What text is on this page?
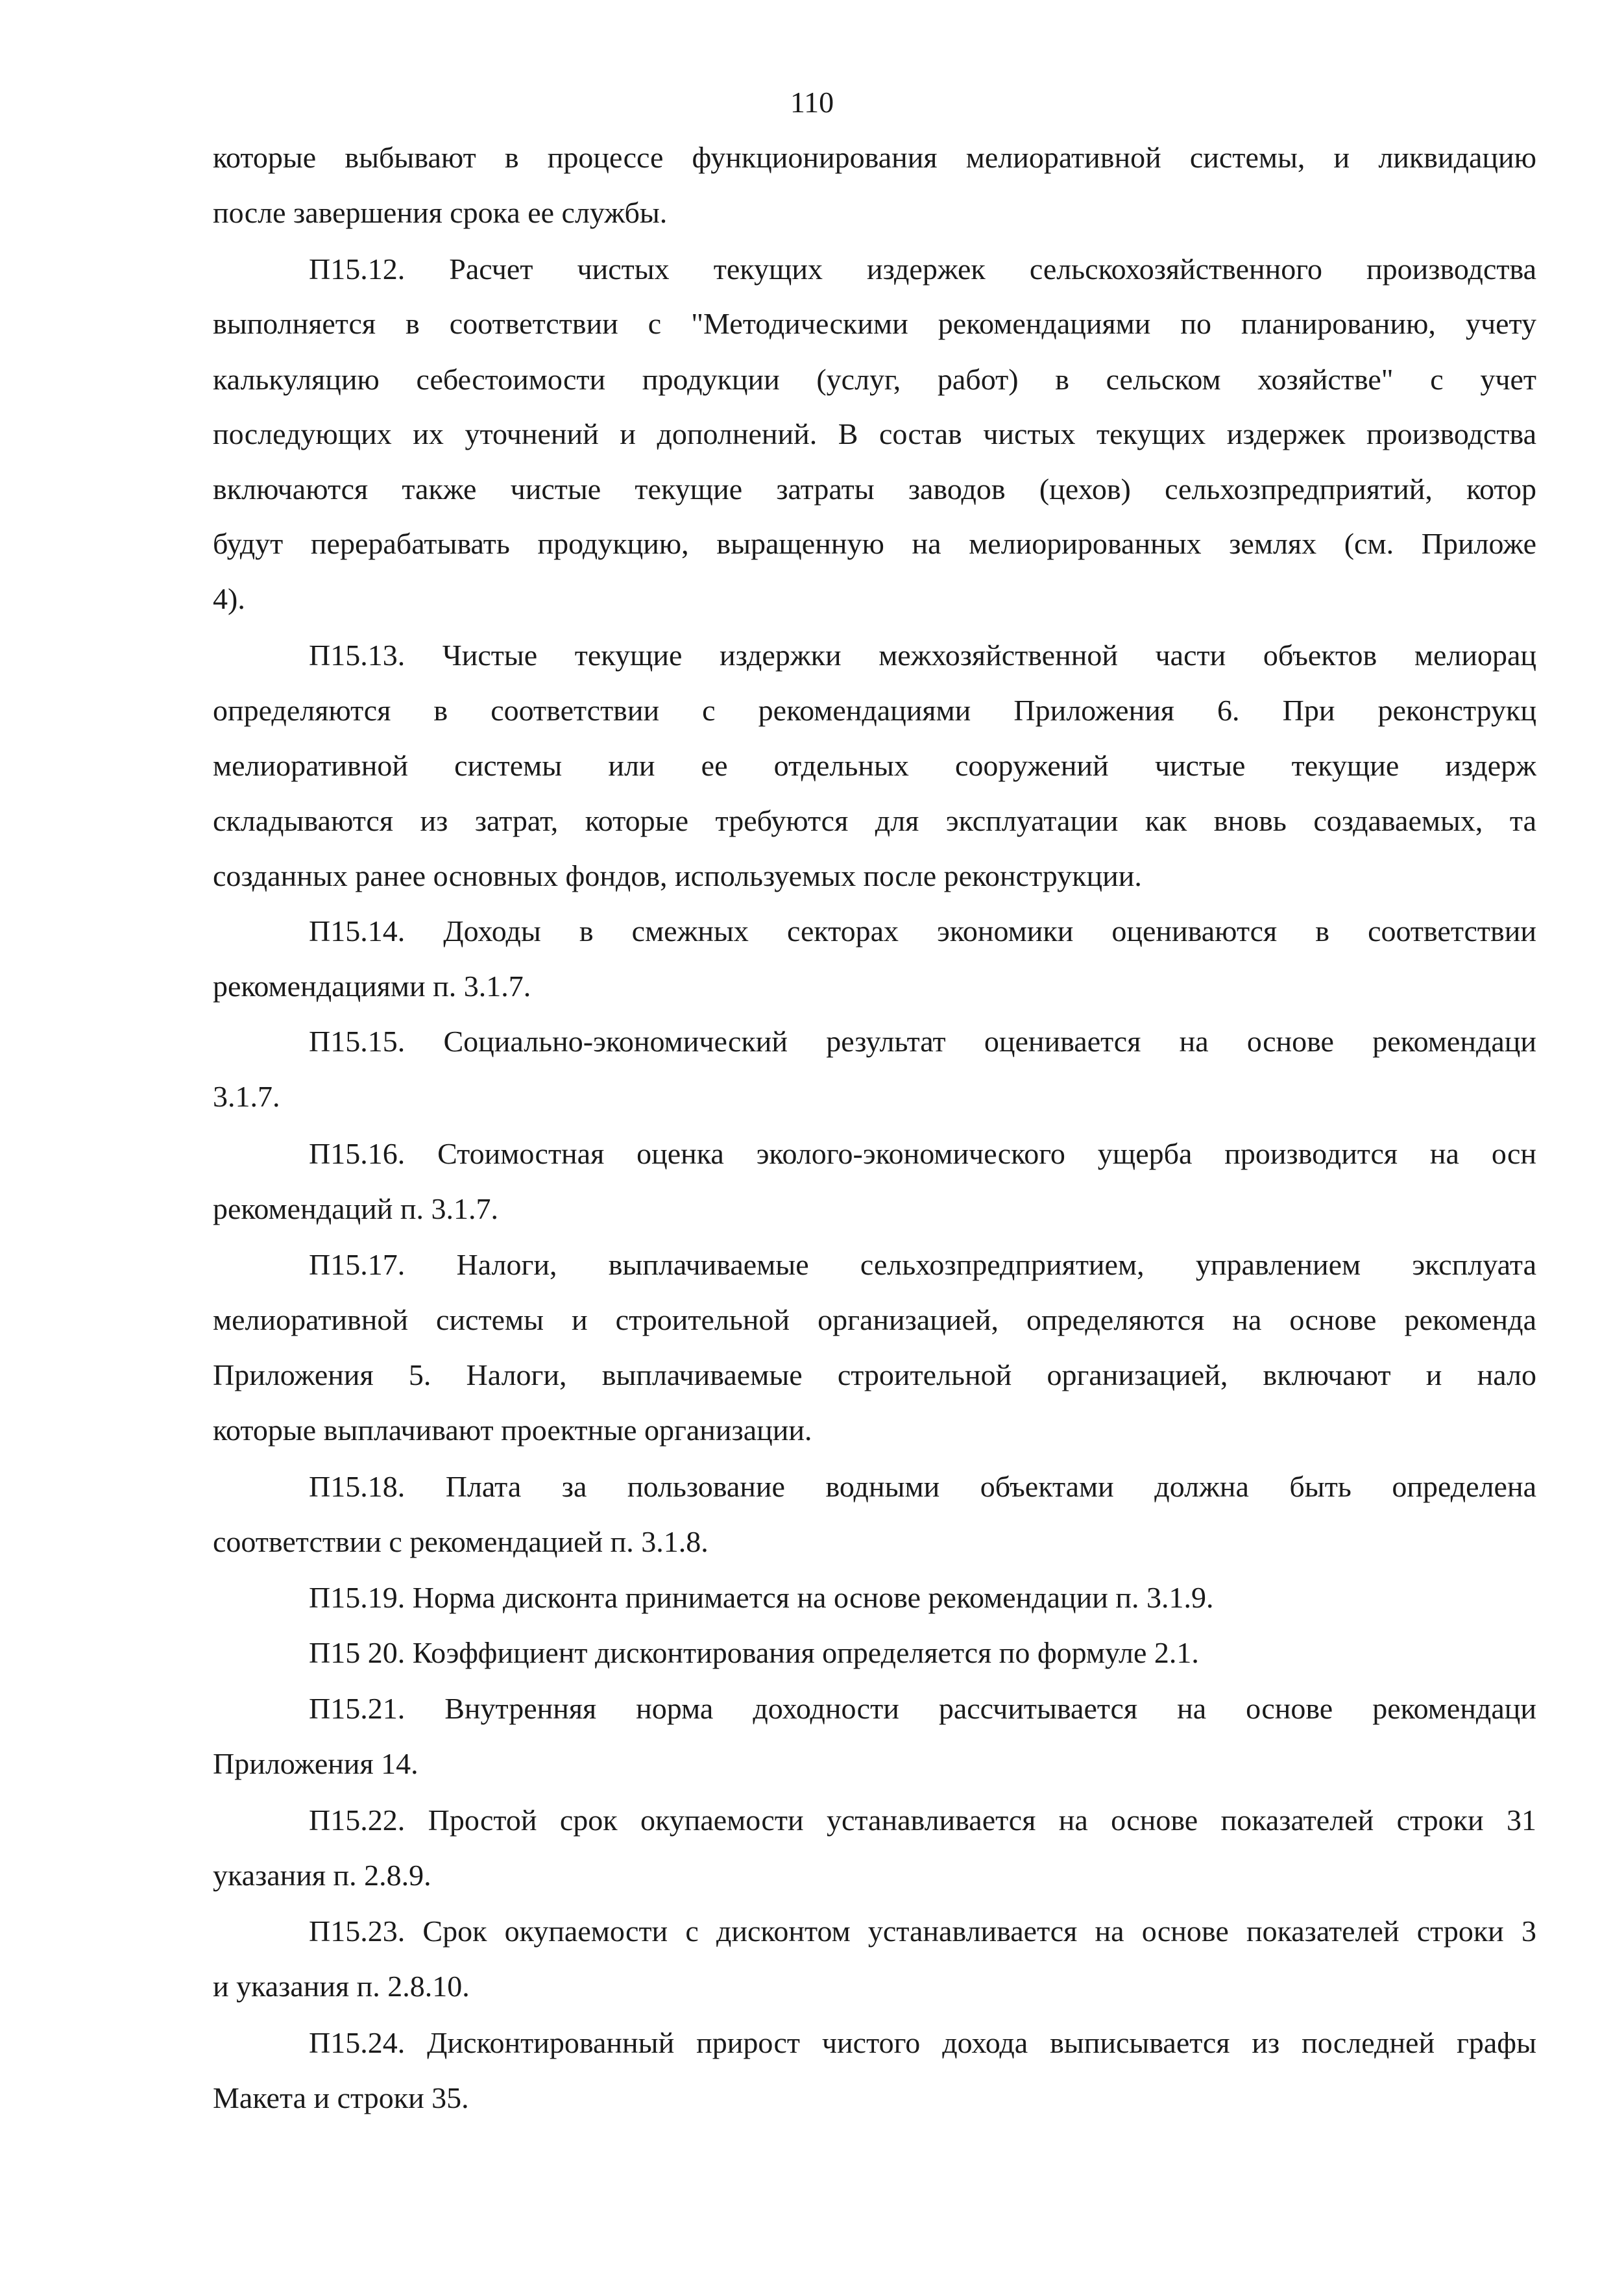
110
которые выбывают в процессе функционирования мелиоративной системы, и ликвидацию
после завершения срока ее службы.
П15.12. Расчет чистых текущих издержек сельскохозяйственного производства
выполняется в соответствии с "Методическими рекомендациями по планированию, учету
калькуляцию себестоимости продукции (услуг, работ) в сельском хозяйстве" с учет
последующих их уточнений и дополнений. В состав чистых текущих издержек производства
включаются также чистые текущие затраты заводов (цехов) сельхозпредприятий, котор
будут перерабатывать продукцию, выращенную на мелиорированных землях (см. Приложе
4).
П15.13. Чистые текущие издержки межхозяйственной части объектов мелиорац
определяются в соответствии с рекомендациями Приложения 6. При реконструкц
мелиоративной системы или ее отдельных сооружений чистые текущие издерж
складываются из затрат, которые требуются для эксплуатации как вновь создаваемых, та
созданных ранее основных фондов, используемых после реконструкции.
П15.14. Доходы в смежных секторах экономики оцениваются в соответствии
рекомендациями п. 3.1.7.
П15.15. Социально-экономический результат оценивается на основе рекомендаци
3.1.7.
П15.16. Стоимостная оценка эколого-экономического ущерба производится на осн
рекомендаций п. 3.1.7.
П15.17. Налоги, выплачиваемые сельхозпредприятием, управлением эксплуата
мелиоративной системы и строительной организацией, определяются на основе рекоменда
Приложения 5. Налоги, выплачиваемые строительной организацией, включают и нало
которые выплачивают проектные организации.
П15.18. Плата за пользование водными объектами должна быть определена
соответствии с рекомендацией п. 3.1.8.
П15.19. Норма дисконта принимается на основе рекомендации п. 3.1.9.
П15 20. Коэффициент дисконтирования определяется по формуле 2.1.
П15.21. Внутренняя норма доходности рассчитывается на основе рекомендаци
Приложения 14.
П15.22. Простой срок окупаемости устанавливается на основе показателей строки 31
указания п. 2.8.9.
П15.23. Срок окупаемости с дисконтом устанавливается на основе показателей строки 3
и указания п. 2.8.10.
П15.24. Дисконтированный прирост чистого дохода выписывается из последней графы
Макета и строки 35.
